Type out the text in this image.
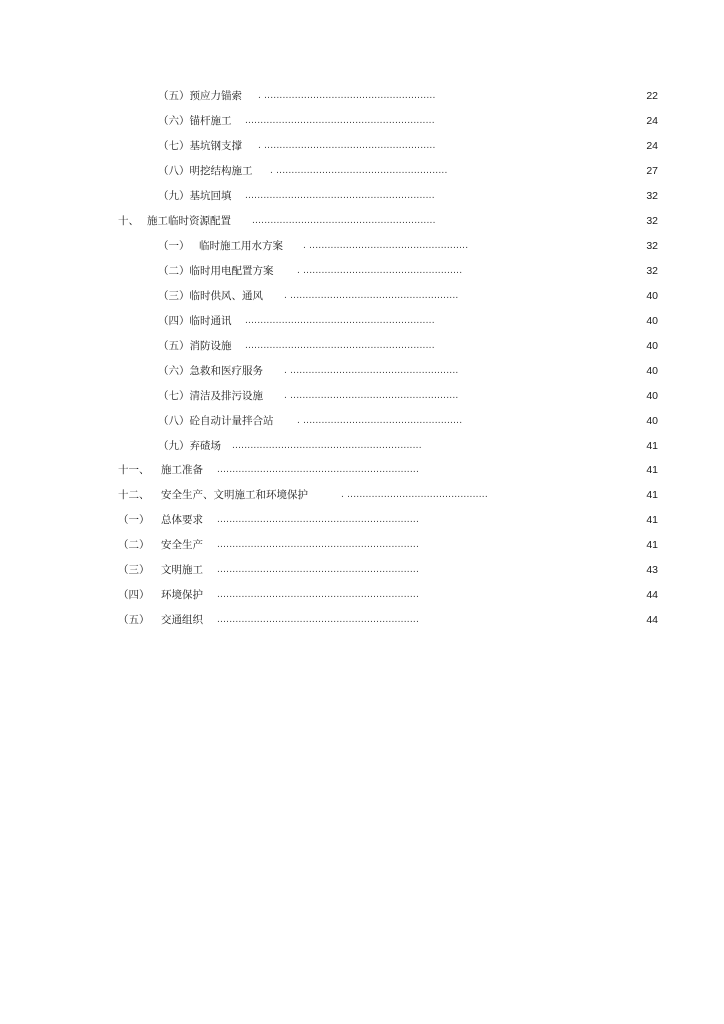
（五）预应力锚索 . ........................................................	22
（六）锚杆施工 ..............................................................	24
（七）基坑钢支撑 . ........................................................	24
（八）明挖结构施工 . ........................................................	27
（九）基坑回填 ..............................................................	32
十、 施工临时资源配置 ............................................................	32
（一） 临时施工用水方案 . ....................................................	32
（二）临时用电配置方案	. ....................................................	32
（三）临时供风、通风 . .......................................................	40
（四）临时通讯 ..............................................................	40
（五）消防设施 ..............................................................	40
（六）急救和医疗服务 . .......................................................	40
（七）清洁及排污设施 . .......................................................	40
（八）砼自动计量拌合站	. ....................................................	40
（九）弃碴场 ..............................................................	41
十一、 施工准备 ..................................................................	41
十二、 安全生产、文明施工和环境保护	. ..............................................	41
（一） 总体要求 ..................................................................	41
（二） 安全生产 ..................................................................	41
（三） 文明施工 ..................................................................	43
（四） 环境保护 ..................................................................	44
（五） 交通组织 ..................................................................	44
